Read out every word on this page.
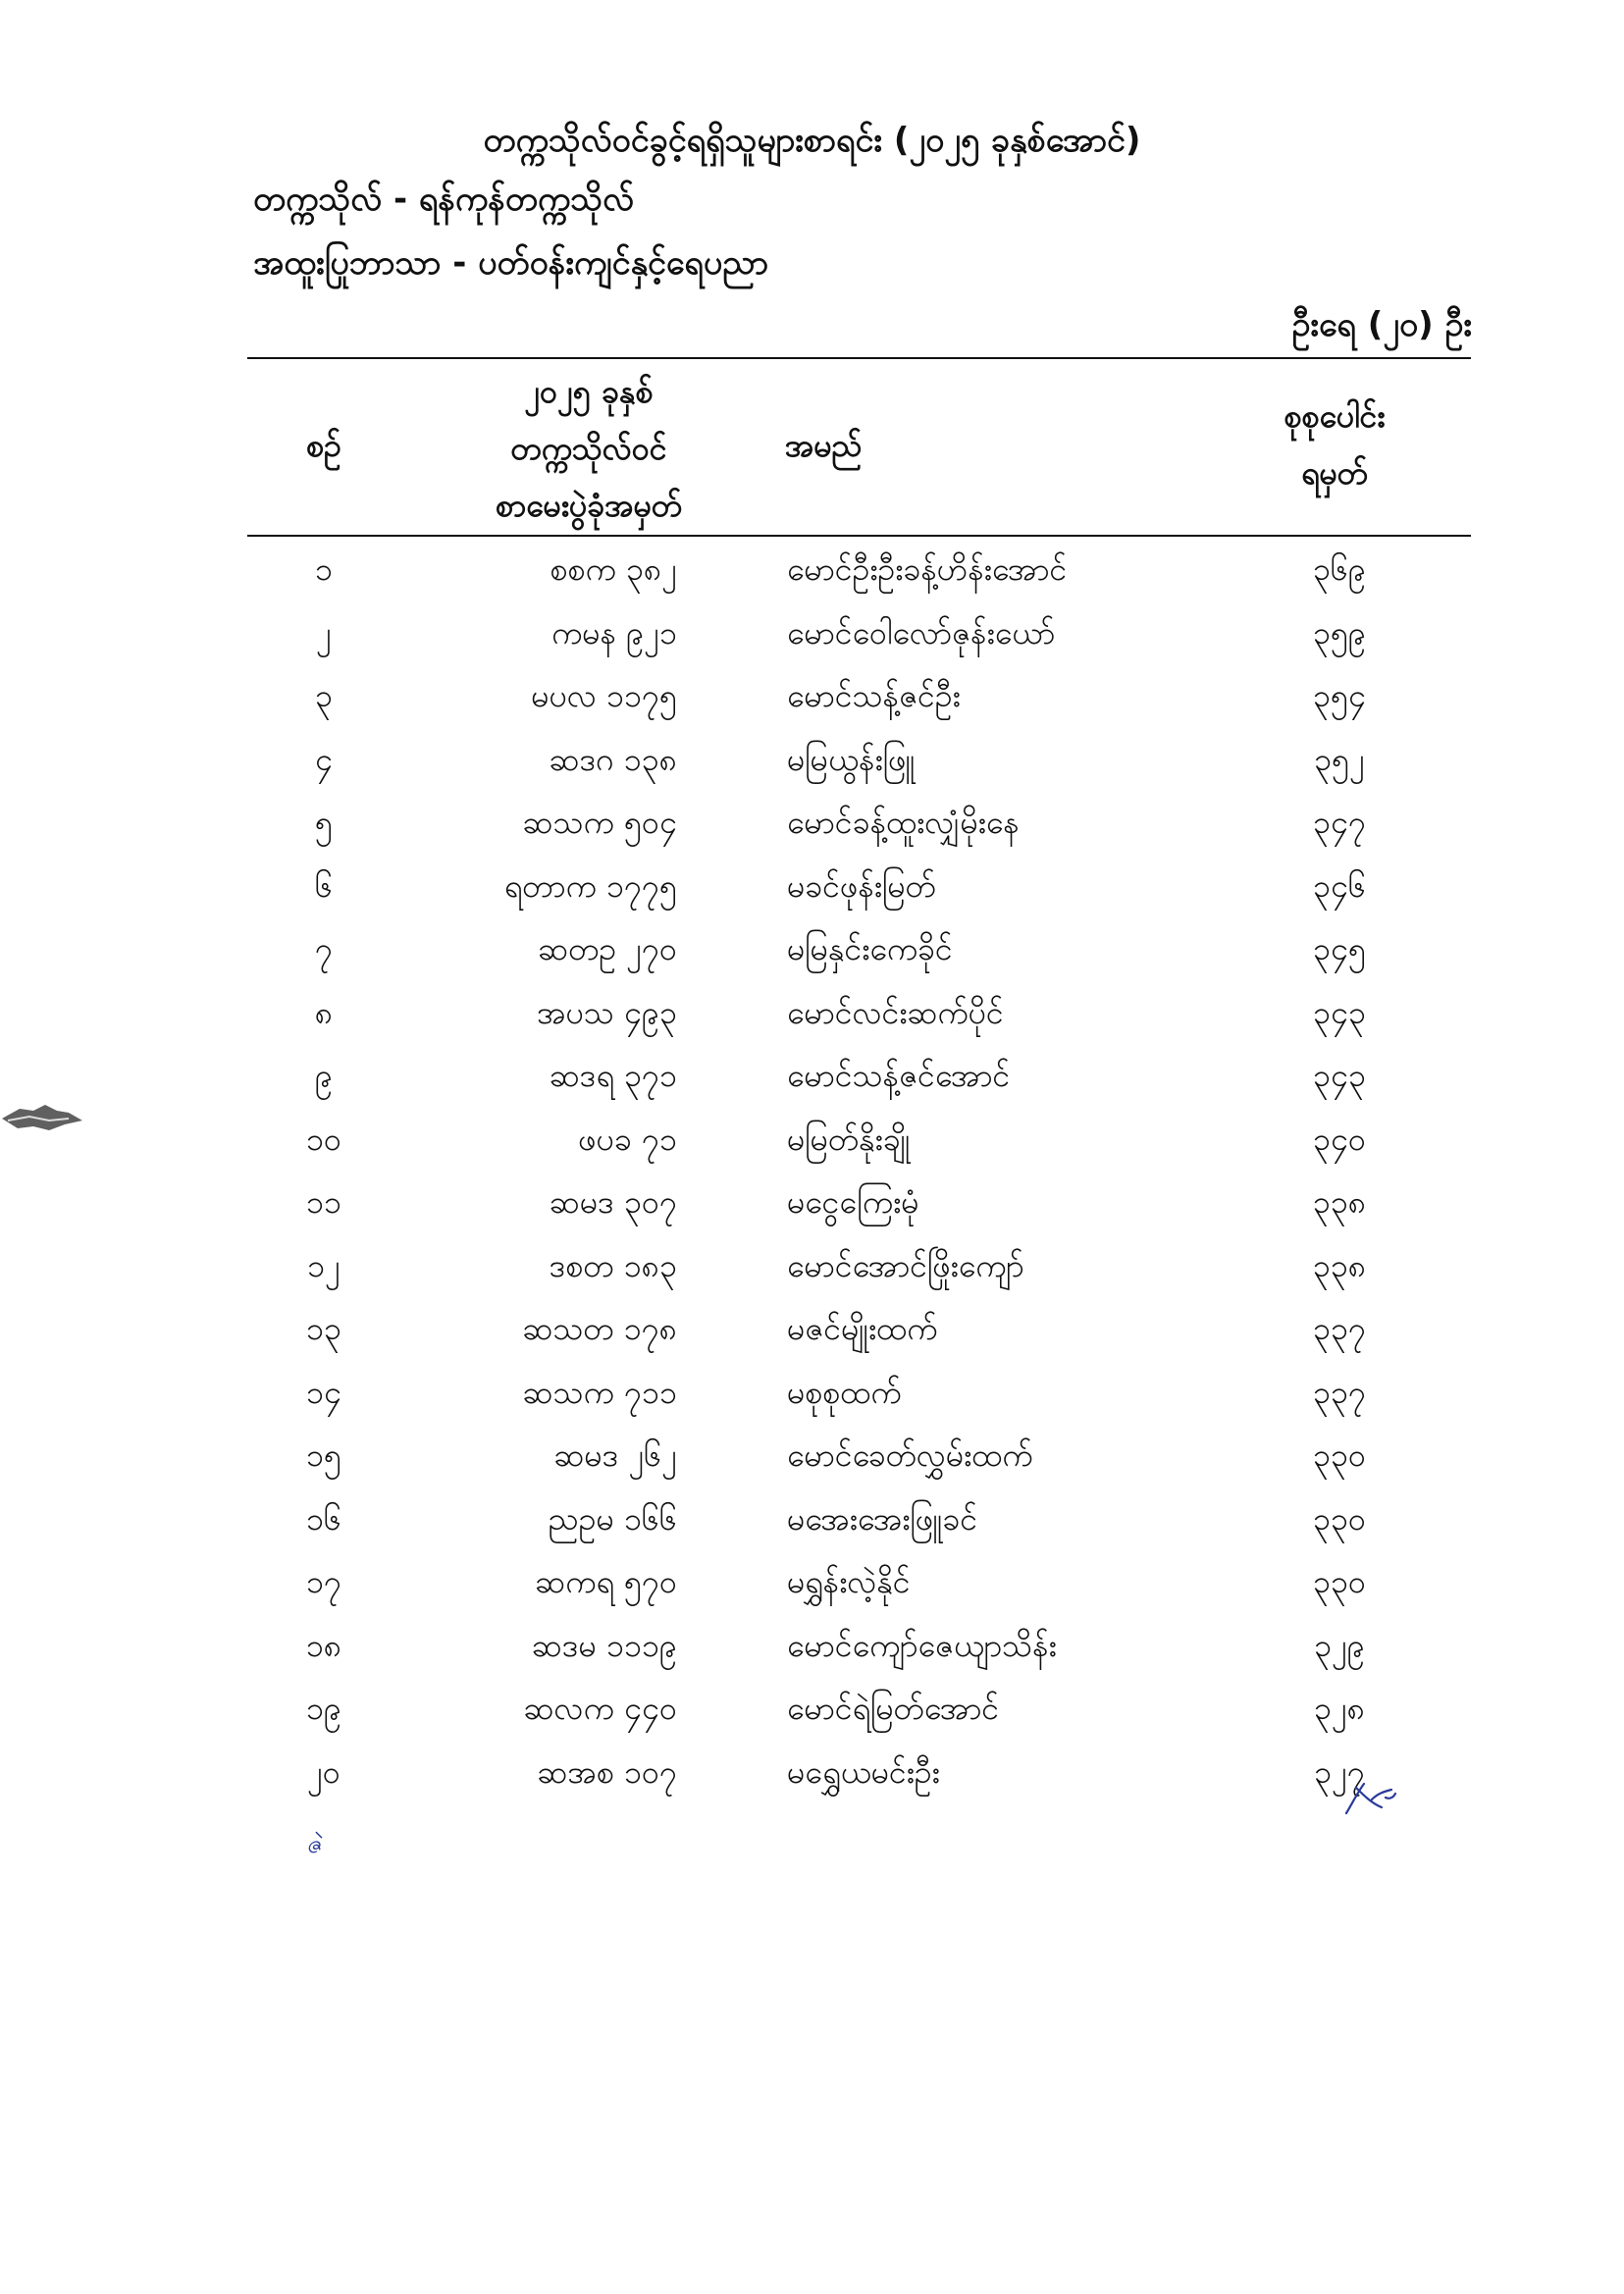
တက္ကသိုလ်ဝင်ခွင့်ရရှိသူများစာရင်း (၂၀၂၅ ခုနှစ်အောင်)
တက္ကသိုလ် - ရန်ကုန်တက္ကသိုလ်
အထူးပြုဘာသာ - ပတ်ဝန်းကျင်နှင့်ရေပညာ
ဦးရေ (၂၀) ဦး
စဉ်
၂၀၂၅ ခုနှစ်
တက္ကသိုလ်ဝင်
စာမေးပွဲခုံအမှတ်
အမည်
စုစုပေါင်း
ရမှတ်
၁	စစက ၃၈၂	မောင်ဦးဦးခန့်ဟိန်းအောင်	၃၆၉
၂	ကမန ၉၂၁	မောင်ဝေါလော်ဇုန်းယော်	၃၅၉
၃	မပလ ၁၁၇၅	မောင်သန့်ဇင်ဦး	၃၅၄
၄	ဆဒဂ ၁၃၈	မမြယွန်းဖြူ	၃၅၂
၅	ဆသက ၅၀၄	မောင်ခန့်ထူးလျှံမိုးနေ	၃၄၇
၆	ရတာက ၁၇၇၅	မခင်ဖုန်းမြတ်	၃၄၆
၇	ဆတဥ ၂၇၀	မမြနှင်းကေခိုင်	၃၄၅
၈	အပသ ၄၉၃	မောင်လင်းဆက်ပိုင်	၃၄၃
၉	ဆဒရ ၃၇၁	မောင်သန့်ဇင်အောင်	၃၄၃
၁၀	ဖပခ ၇၁	မမြတ်နိုးချို	၃၄၀
၁၁	ဆမဒ ၃၀၇	မငွေကြေးမုံ	၃၃၈
၁၂	ဒစတ ၁၈၃	မောင်အောင်ဖြိုးကျော်	၃၃၈
၁၃	ဆသတ ၁၇၈	မဇင်မျိုးထက်	၃၃၇
၁၄	ဆသက ၇၁၁	မစုစုထက်	၃၃၇
၁၅	ဆမဒ ၂၆၂	မောင်ခေတ်လွှမ်းထက်	၃၃၀
၁၆	ညဥမ ၁၆၆	မအေးအေးဖြူခင်	၃၃၀
၁၇	ဆကရ ၅၇၀	မရွှန်းလဲ့နိုင်	၃၃၀
၁၈	ဆဒမ ၁၁၁၉	မောင်ကျော်ဇေယျာသိန်း	၃၂၉
၁၉	ဆလက ၄၄၀	မောင်ရဲမြတ်အောင်	၃၂၈
၂၀	ဆအစ ၁၀၇	မရွှေယမင်းဦး	၃၂၇
ဇဲ
